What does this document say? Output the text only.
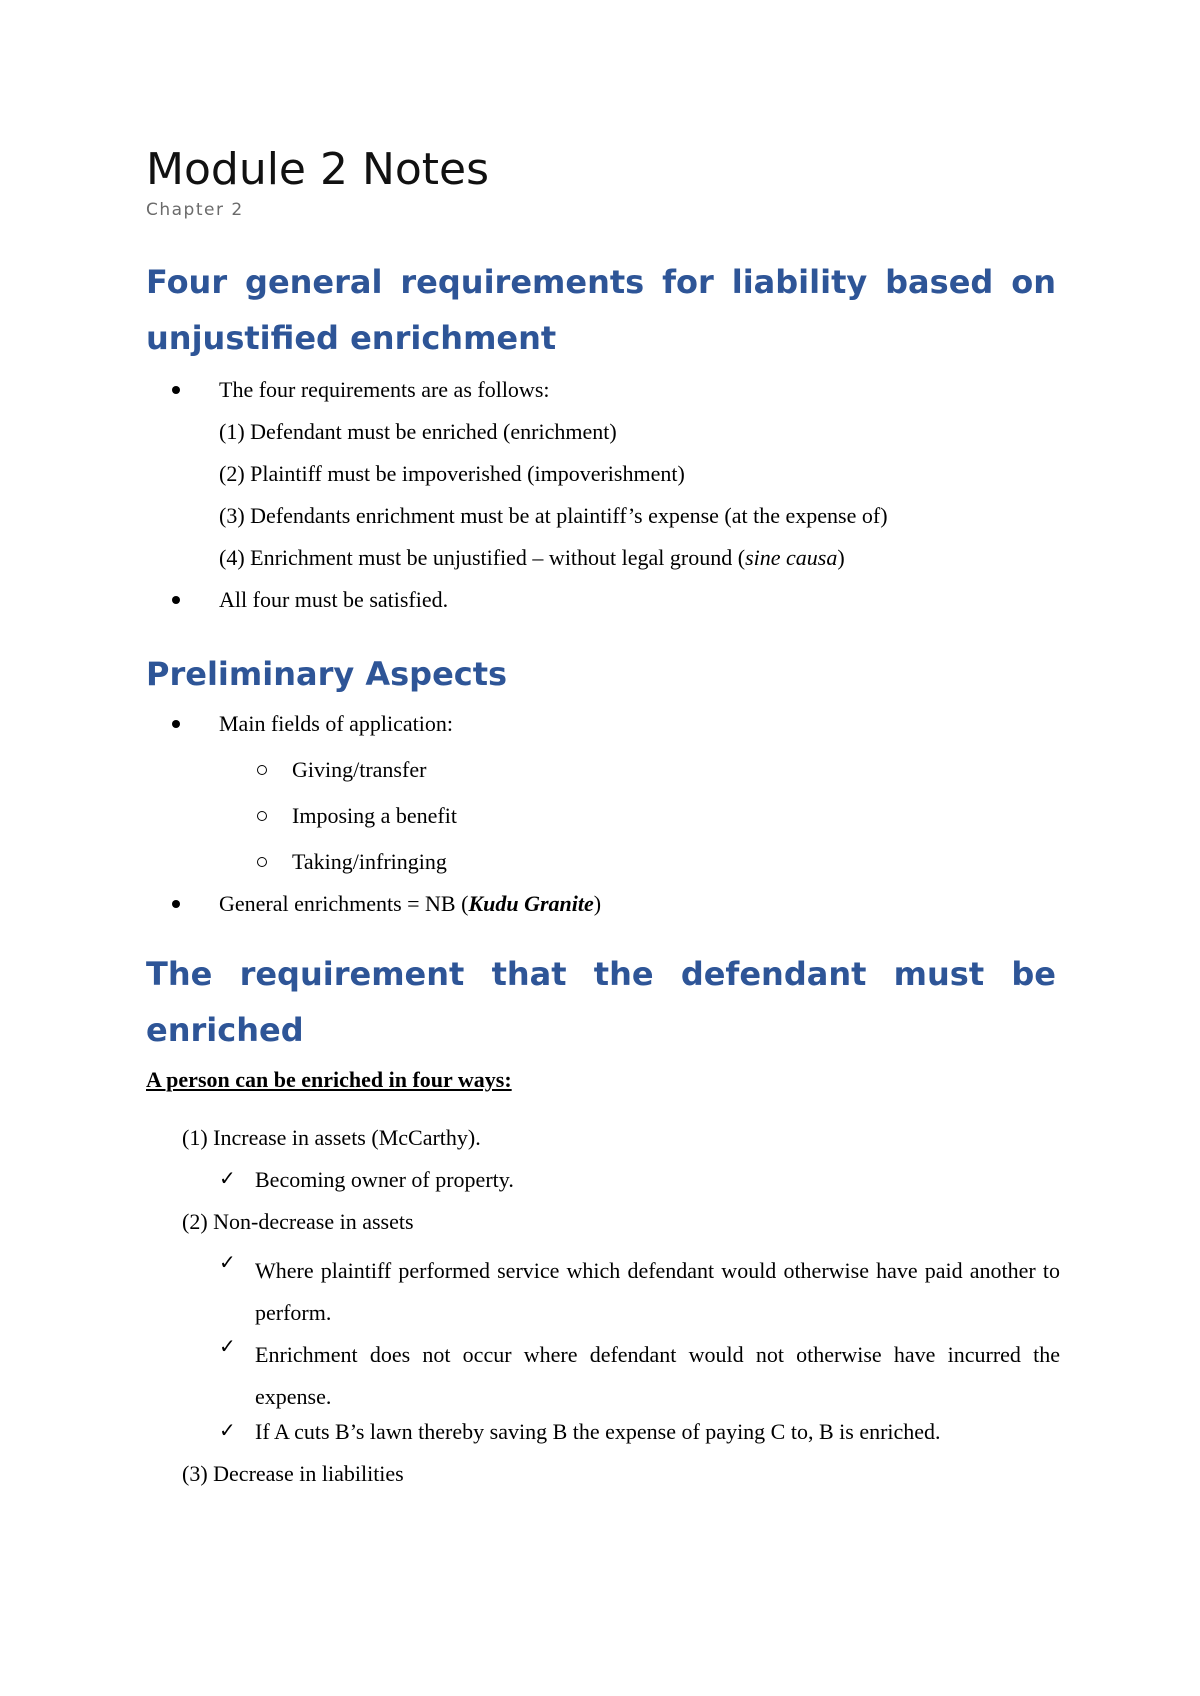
Module 2 Notes
Chapter 2
Four general requirements for liability based on unjustified enrichment
The four requirements are as follows:
(1) Defendant must be enriched (enrichment)
(2) Plaintiff must be impoverished (impoverishment)
(3) Defendants enrichment must be at plaintiff’s expense (at the expense of)
(4) Enrichment must be unjustified – without legal ground (sine causa)
All four must be satisfied.
Preliminary Aspects
Main fields of application:
Giving/transfer
Imposing a benefit
Taking/infringing
General enrichments = NB (Kudu Granite)
The requirement that the defendant must be enriched
A person can be enriched in four ways:
(1) Increase in assets (McCarthy).
✓ Becoming owner of property.
(2) Non-decrease in assets
✓ Where plaintiff performed service which defendant would otherwise have paid another to perform.
✓ Enrichment does not occur where defendant would not otherwise have incurred the expense.
✓ If A cuts B’s lawn thereby saving B the expense of paying C to, B is enriched.
(3) Decrease in liabilities
